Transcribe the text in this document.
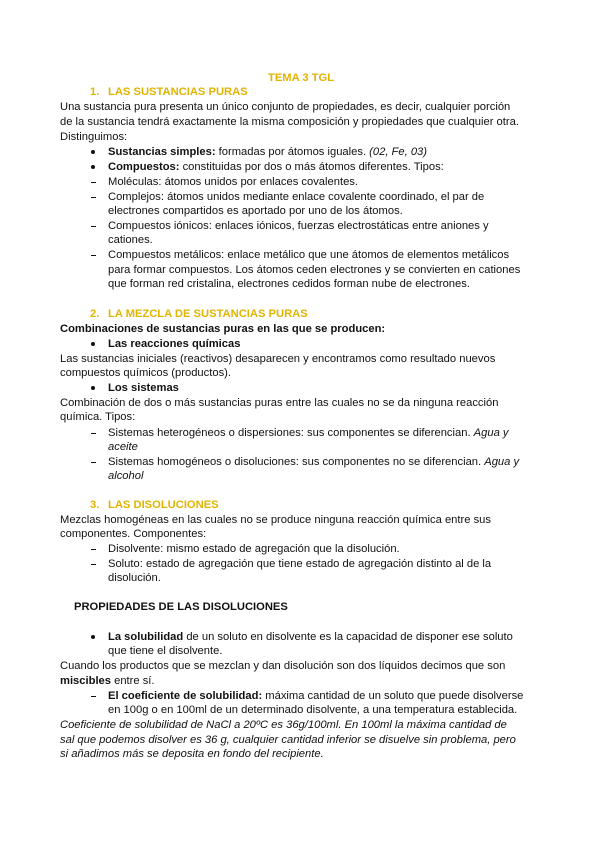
TEMA 3 TGL
1. LAS SUSTANCIAS PURAS
Una sustancia pura presenta un único conjunto de propiedades, es decir, cualquier porción
de la sustancia tendrá exactamente la misma composición y propiedades que cualquier otra.
Distinguimos:
Sustancias simples: formadas por átomos iguales. (02, Fe, 03)
Compuestos: constituidas por dos o más átomos diferentes. Tipos:
Moléculas: átomos unidos por enlaces covalentes.
Complejos: átomos unidos mediante enlace covalente coordinado, el par de
electrones compartidos es aportado por uno de los átomos.
Compuestos iónicos: enlaces iónicos, fuerzas electrostáticas entre aniones y
cationes.
Compuestos metálicos: enlace metálico que une átomos de elementos metálicos
para formar compuestos. Los átomos ceden electrones y se convierten en cationes
que forman red cristalina, electrones cedidos forman nube de electrones.
2. LA MEZCLA DE SUSTANCIAS PURAS
Combinaciones de sustancias puras en las que se producen:
Las reacciones químicas
Las sustancias iniciales (reactivos) desaparecen y encontramos como resultado nuevos
compuestos químicos (productos).
Los sistemas
Combinación de dos o más sustancias puras entre las cuales no se da ninguna reacción
química. Tipos:
Sistemas heterogéneos o dispersiones: sus componentes se diferencian. Agua y
aceite
Sistemas homogéneos o disoluciones: sus componentes no se diferencian. Agua y
alcohol
3. LAS DISOLUCIONES
Mezclas homogéneas en las cuales no se produce ninguna reacción química entre sus
componentes. Componentes:
Disolvente: mismo estado de agregación que la disolución.
Soluto: estado de agregación que tiene estado de agregación distinto al de la
disolución.
PROPIEDADES DE LAS DISOLUCIONES
La solubilidad de un soluto en disolvente es la capacidad de disponer ese soluto
que tiene el disolvente.
Cuando los productos que se mezclan y dan disolución son dos líquidos decimos que son
miscibles entre sí.
El coeficiente de solubilidad: máxima cantidad de un soluto que puede disolverse
en 100g o en 100ml de un determinado disolvente, a una temperatura establecida.
Coeficiente de solubilidad de NaCl a 20ºC es 36g/100ml. En 100ml la máxima cantidad de
sal que podemos disolver es 36 g, cualquier cantidad inferior se disuelve sin problema, pero
si añadimos más se deposita en fondo del recipiente.
